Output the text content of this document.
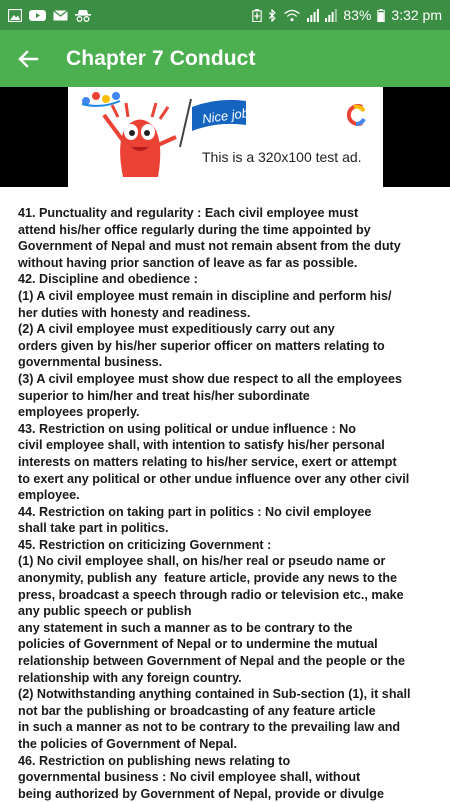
83% 3:32 pm
Chapter 7 Conduct
Nice job!
This is a 320x100 test ad.

41. Punctuality and regularity : Each civil employee must

attend his/her office regularly during the time appointed by

Government of Nepal and must not remain absent from the duty

without having prior sanction of leave as far as possible.

42. Discipline and obedience :

(1) A civil employee must remain in discipline and perform his/

her duties with honesty and readiness.

(2) A civil employee must expeditiously carry out any

orders given by his/her superior officer on matters relating to

governmental business.

(3) A civil employee must show due respect to all the employees

superior to him/her and treat his/her subordinate

employees properly.

43. Restriction on using political or undue influence : No

civil employee shall, with intention to satisfy his/her personal

interests on matters relating to his/her service, exert or attempt

to exert any political or other undue influence over any other civil

employee.

44. Restriction on taking part in politics : No civil employee

shall take part in politics.

45. Restriction on criticizing Government :

(1) No civil employee shall, on his/her real or pseudo name or

anonymity, publish any  feature article, provide any news to the

press, broadcast a speech through radio or television etc., make

any public speech or publish

any statement in such a manner as to be contrary to the

policies of Government of Nepal or to undermine the mutual

relationship between Government of Nepal and the people or the

relationship with any foreign country.

(2) Notwithstanding anything contained in Sub-section (1), it shall

not bar the publishing or broadcasting of any feature article

in such a manner as not to be contrary to the prevailing law and

the policies of Government of Nepal.

46. Restriction on publishing news relating to

governmental business : No civil employee shall, without

being authorized by Government of Nepal, provide or divulge
